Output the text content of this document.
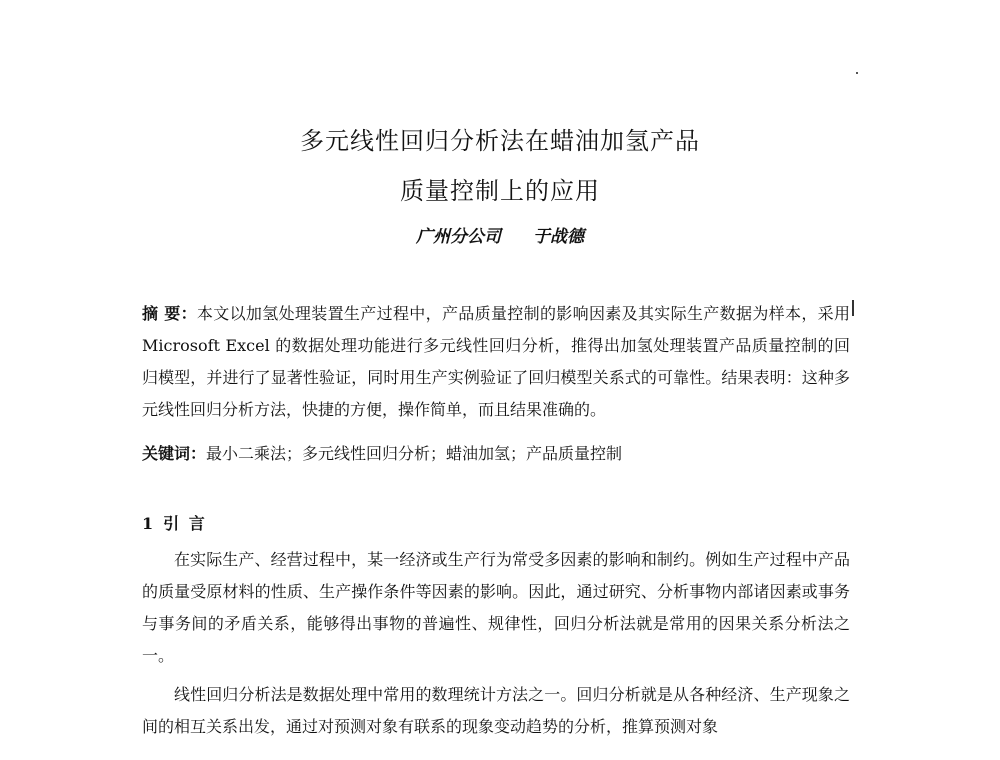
多元线性回归分析法在蜡油加氢产品
质量控制上的应用
广州分公司 于战德
摘 要：本文以加氢处理装置生产过程中，产品质量控制的影响因素及其实际生产数据为样本，采用 Microsoft Excel 的数据处理功能进行多元线性回归分析，推得出加氢处理装置产品质量控制的回归模型，并进行了显著性验证，同时用生产实例验证了回归模型关系式的可靠性。结果表明：这种多元线性回归分析方法，快捷的方便，操作简单，而且结果准确的。
关键词：最小二乘法；多元线性回归分析；蜡油加氢；产品质量控制
1 引 言

在实际生产、经营过程中，某一经济或生产行为常受多因素的影响和制约。例如生产过程中产品的质量受原材料的性质、生产操作条件等因素的影响。因此，通过研究、分析事物内部诸因素或事务与事务间的矛盾关系，能够得出事物的普遍性、规律性，回归分析法就是常用的因果关系分析法之一。

线性回归分析法是数据处理中常用的数理统计方法之一。回归分析就是从各种经济、生产现象之间的相互关系出发，通过对预测对象有联系的现象变动趋势的分析，推算预测对象
